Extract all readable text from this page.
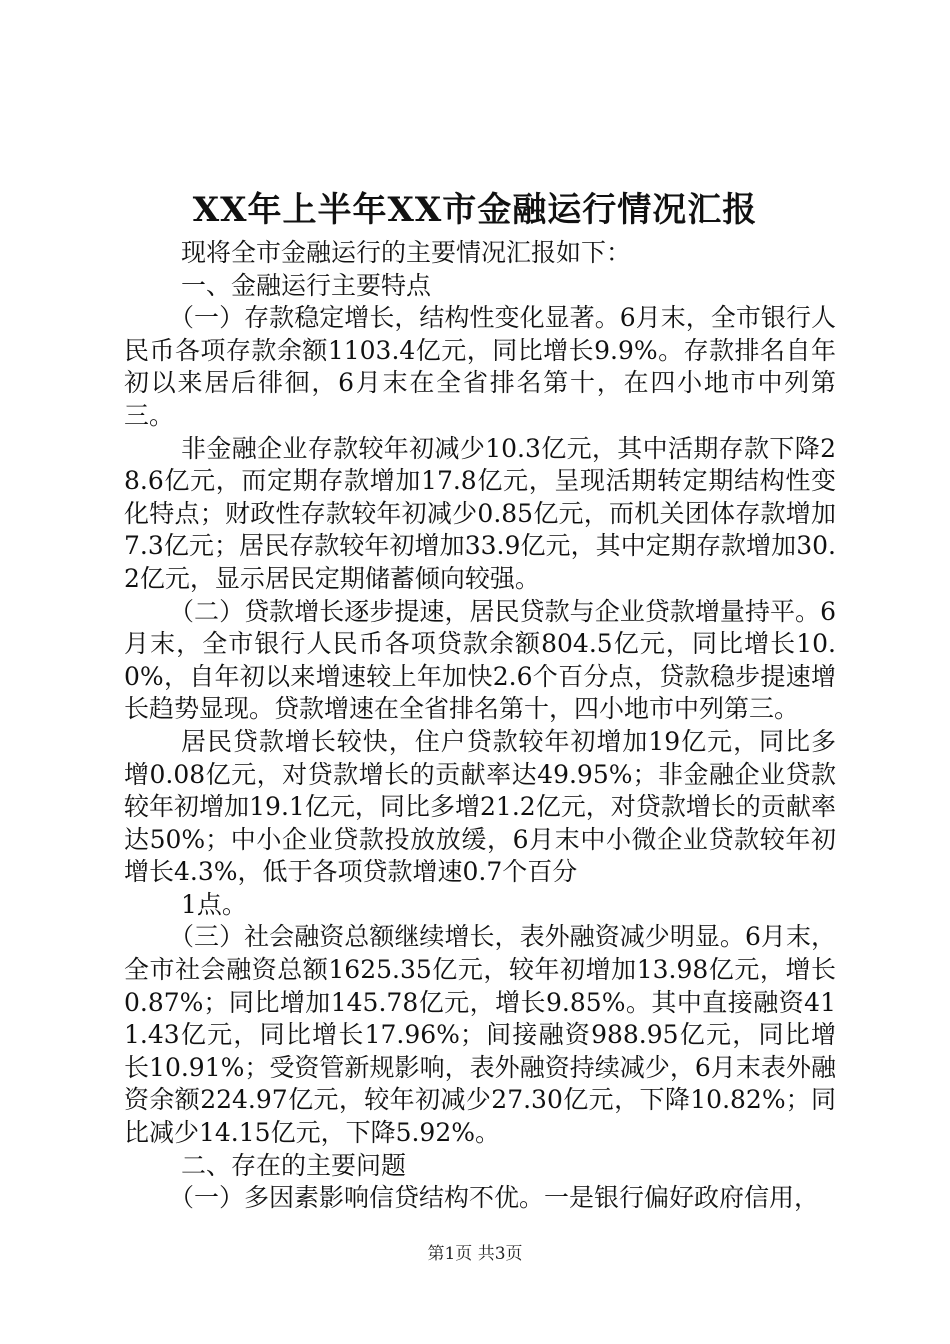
XX年上半年XX市金融运行情况汇报

现将全市金融运行的主要情况汇报如下：

一、金融运行主要特点

（一）存款稳定增长，结构性变化显著。6月末，全市银行人民币各项存款余额1103.4亿元，同比增长9.9%。存款排名自年初以来居后徘徊，6月末在全省排名第十，在四小地市中列第三。

非金融企业存款较年初减少10.3亿元，其中活期存款下降28.6亿元，而定期存款增加17.8亿元，呈现活期转定期结构性变化特点；财政性存款较年初减少0.85亿元，而机关团体存款增加7.3亿元；居民存款较年初增加33.9亿元，其中定期存款增加30.2亿元，显示居民定期储蓄倾向较强。

（二）贷款增长逐步提速，居民贷款与企业贷款增量持平。6月末，全市银行人民币各项贷款余额804.5亿元，同比增长10.0%，自年初以来增速较上年加快2.6个百分点，贷款稳步提速增长趋势显现。贷款增速在全省排名第十，四小地市中列第三。

居民贷款增长较快，住户贷款较年初增加19亿元，同比多增0.08亿元，对贷款增长的贡献率达49.95%；非金融企业贷款较年初增加19.1亿元，同比多增21.2亿元，对贷款增长的贡献率达50%；中小企业贷款投放放缓，6月末中小微企业贷款较年初增长4.3%，低于各项贷款增速0.7个百分

1点。

（三）社会融资总额继续增长，表外融资减少明显。6月末，全市社会融资总额1625.35亿元，较年初增加13.98亿元，增长0.87%；同比增加145.78亿元，增长9.85%。其中直接融资411.43亿元，同比增长17.96%；间接融资988.95亿元，同比增长10.91%；受资管新规影响，表外融资持续减少，6月末表外融资余额224.97亿元，较年初减少27.30亿元，下降10.82%；同比减少14.15亿元，下降5.92%。

二、存在的主要问题

（一）多因素影响信贷结构不优。一是银行偏好政府信用，

第1页 共3页
